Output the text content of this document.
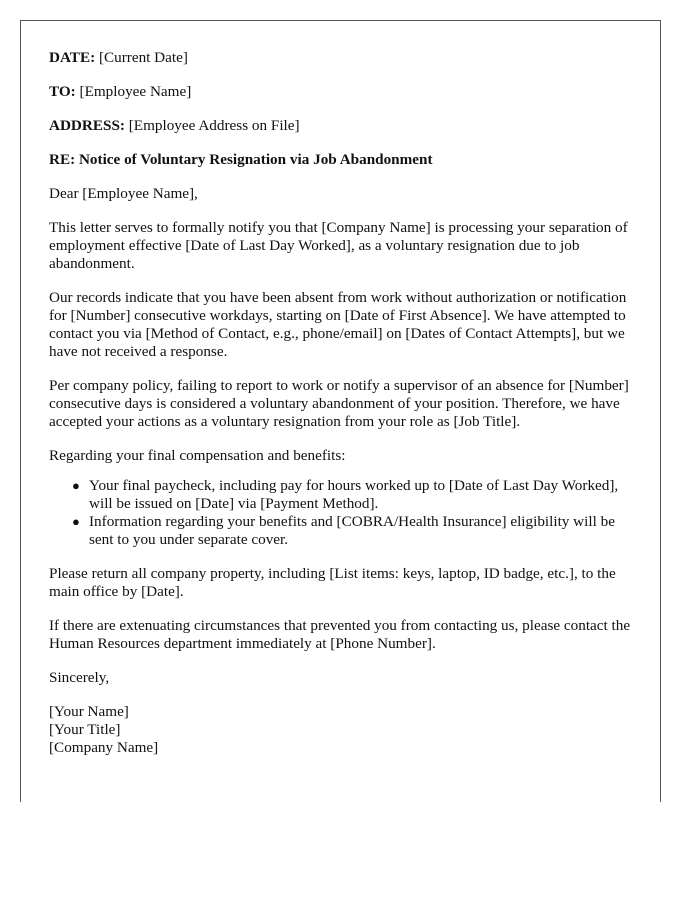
DATE: [Current Date]

TO: [Employee Name]

ADDRESS: [Employee Address on File]

RE: Notice of Voluntary Resignation via Job Abandonment

Dear [Employee Name],

This letter serves to formally notify you that [Company Name] is processing your separation of employment effective [Date of Last Day Worked], as a voluntary resignation due to job abandonment.

Our records indicate that you have been absent from work without authorization or notification for [Number] consecutive workdays, starting on [Date of First Absence]. We have attempted to contact you via [Method of Contact, e.g., phone/email] on [Dates of Contact Attempts], but we have not received a response.

Per company policy, failing to report to work or notify a supervisor of an absence for [Number] consecutive days is considered a voluntary abandonment of your position. Therefore, we have accepted your actions as a voluntary resignation from your role as [Job Title].

Regarding your final compensation and benefits:

● Your final paycheck, including pay for hours worked up to [Date of Last Day Worked], will be issued on [Date] via [Payment Method].
● Information regarding your benefits and [COBRA/Health Insurance] eligibility will be sent to you under separate cover.

Please return all company property, including [List items: keys, laptop, ID badge, etc.], to the main office by [Date].

If there are extenuating circumstances that prevented you from contacting us, please contact the Human Resources department immediately at [Phone Number].

Sincerely,

[Your Name]
[Your Title]
[Company Name]
